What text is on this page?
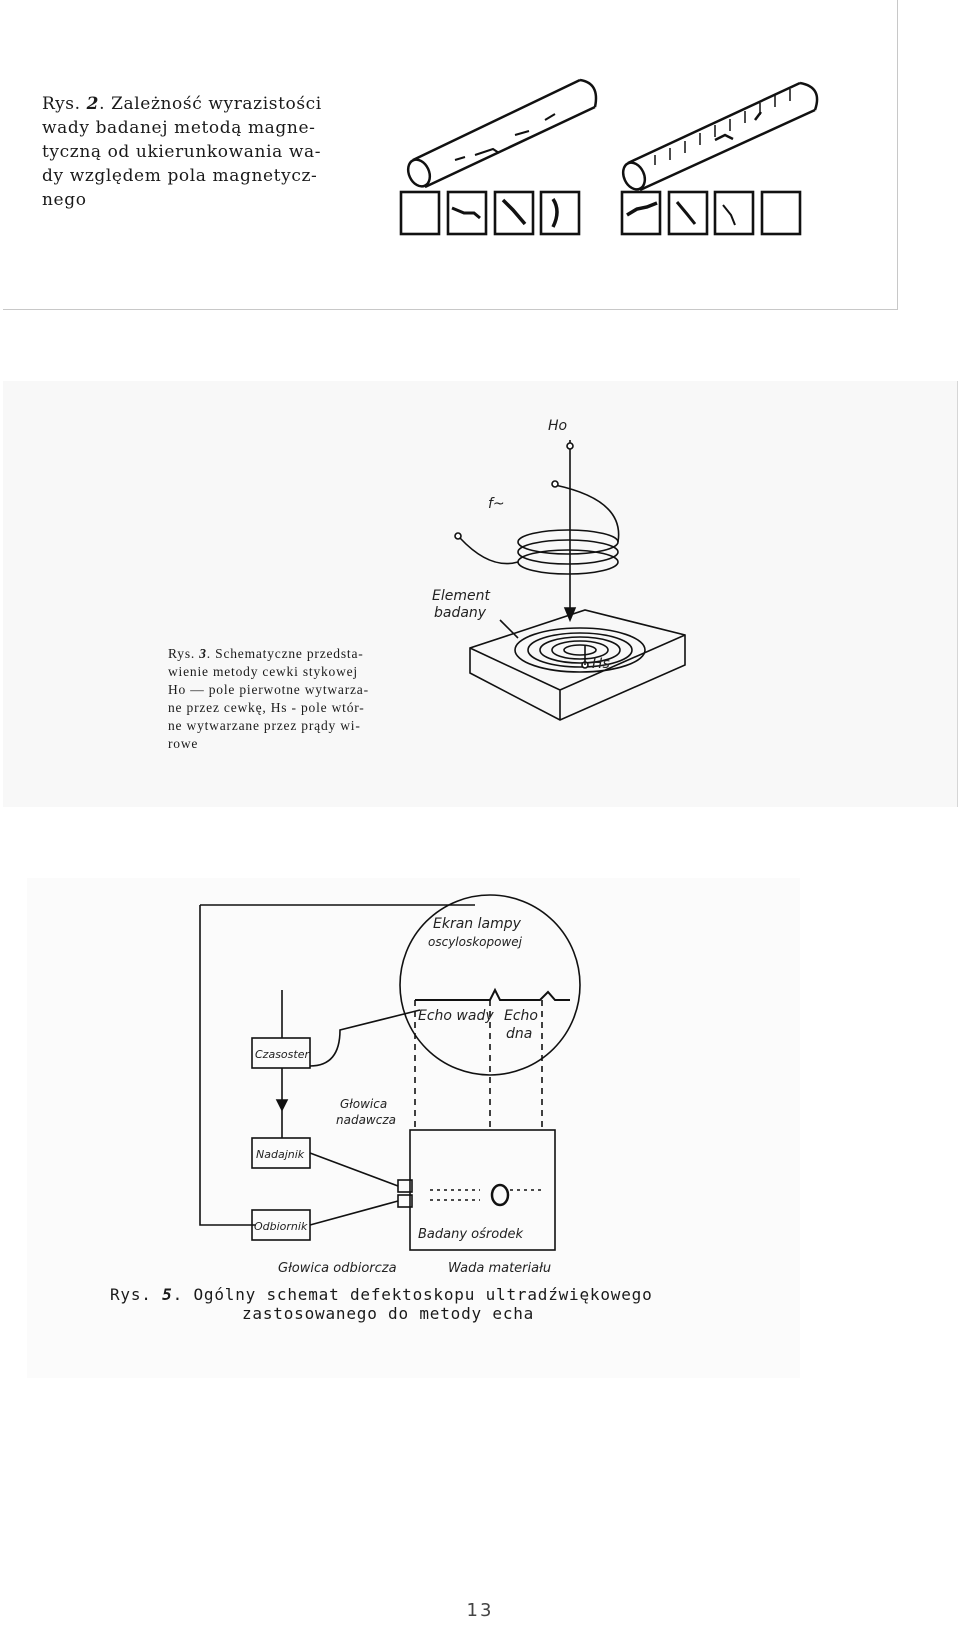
Rys. 2. Zależność wyrazistości
wady badanej metodą magne-
tyczną od ukierunkowania wa-
dy względem pola magnetycz-
nego
Rys. 3. Schematyczne przedsta-
wienie metody cewki stykowej
Ho — pole pierwotne wytwarza-
ne przez cewkę, Hs - pole wtór-
ne wytwarzane przez prądy wi-
rowe
Ho
f~
Element
badany
Hs
Ekran lampy
oscyloskopowej
Echo wady Echo
dna
Czasoster
Nadajnik
Odbiornik
Głowica
nadawcza
Badany ośrodek
Głowica odbiorcza	Wada materiału
Rys. 5. Ogólny schemat defektoskopu ultradźwiękowego
zastosowanego do metody echa
13
